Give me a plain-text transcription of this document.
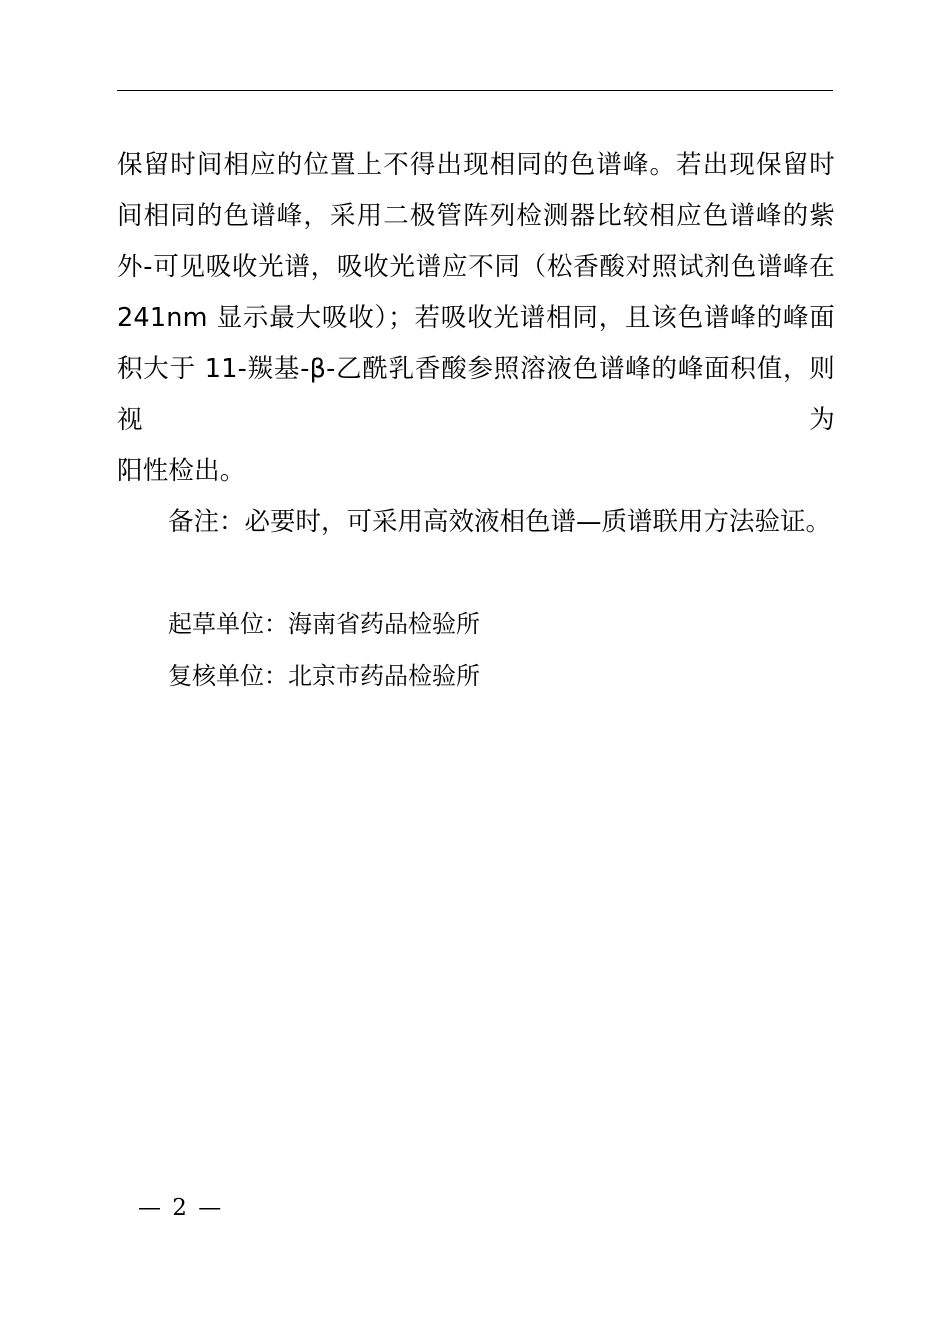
保留时间相应的位置上不得出现相同的色谱峰。若出现保留时间相同的色谱峰，采用二极管阵列检测器比较相应色谱峰的紫外-可见吸收光谱，吸收光谱应不同（松香酸对照试剂色谱峰在241nm 显示最大吸收）；若吸收光谱相同，且该色谱峰的峰面积大于 11-羰基-β-乙酰乳香酸参照溶液色谱峰的峰面积值，则视为
阳性检出。

备注：必要时，可采用高效液相色谱—质谱联用方法验证。

起草单位：海南省药品检验所
复核单位：北京市药品检验所
— 2 —
